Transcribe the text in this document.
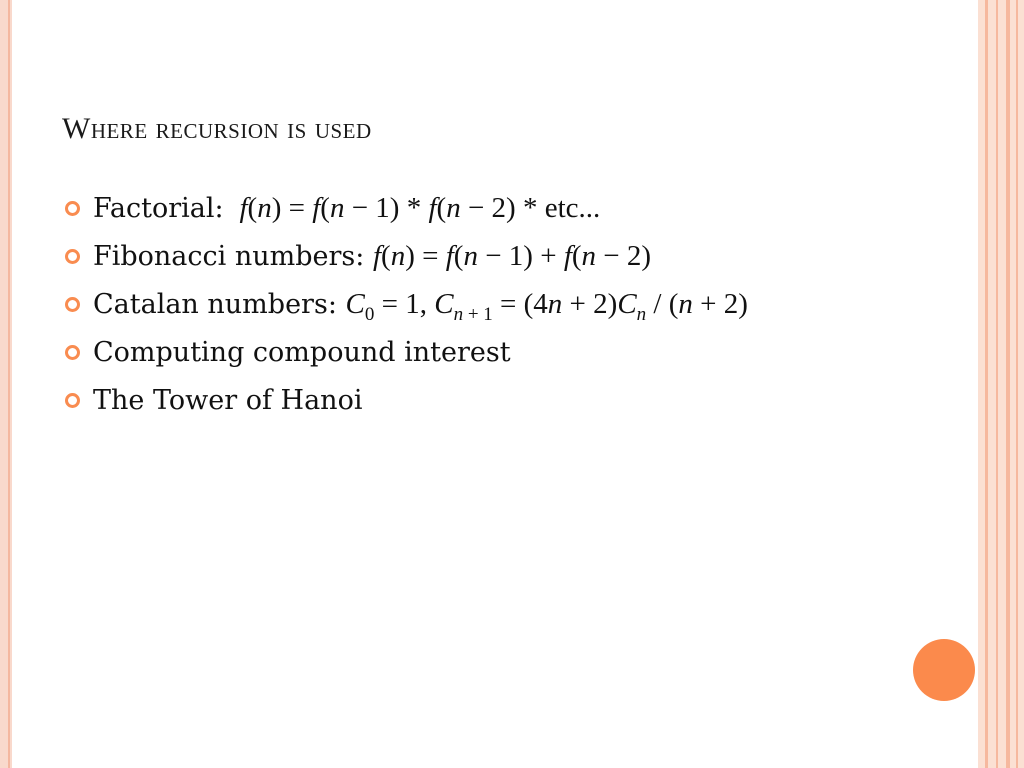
Where recursion is used
Factorial: f(n) = f(n − 1) * f(n − 2) * etc...
Fibonacci numbers: f(n) = f(n − 1) + f(n − 2)
Catalan numbers: $C_0 = 1$, $C_{n + 1} = (4n + 2)C_n / (n + 2)$
Computing compound interest
The Tower of Hanoi
